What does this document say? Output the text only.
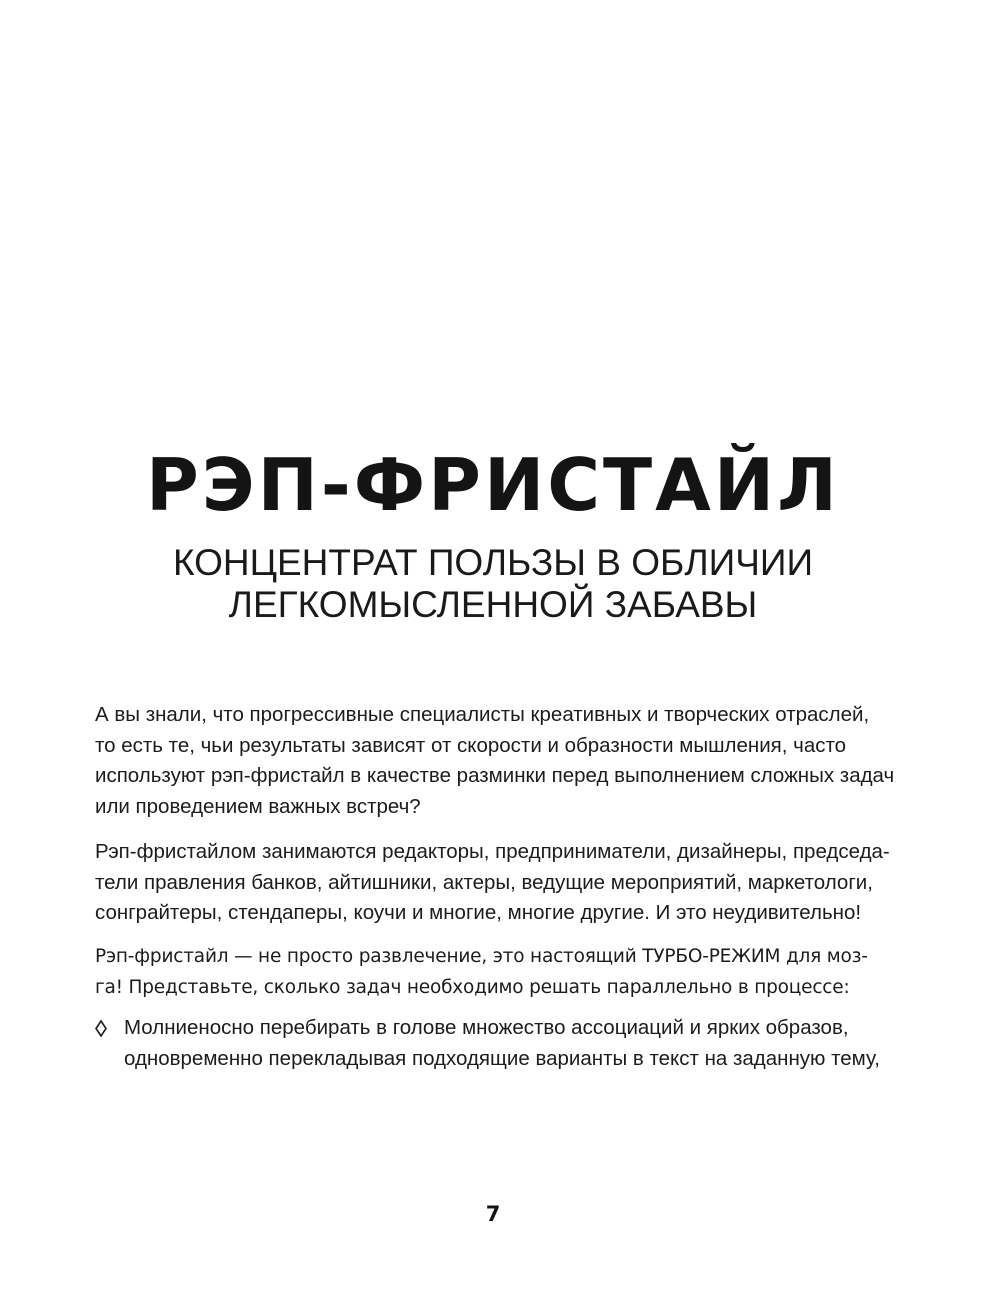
РЭП-ФРИСТАЙЛ
КОНЦЕНТРАТ ПОЛЬЗЫ В ОБЛИЧИИ
ЛЕГКОМЫСЛЕННОЙ ЗАБАВЫ

А вы знали, что прогрессивные специалисты креативных и творческих отраслей,
то есть те, чьи результаты зависят от скорости и образности мышления, часто
используют рэп-фристайл в качестве разминки перед выполнением сложных задач
или проведением важных встреч?

Рэп-фристайлом занимаются редакторы, предприниматели, дизайнеры, председа-
тели правления банков, айтишники, актеры, ведущие мероприятий, маркетологи,
сонграйтеры, стендаперы, коучи и многие, многие другие. И это неудивительно!

Рэп-фристайл — не просто развлечение, это настоящий ТУРБО-РЕЖИМ для моз-
га! Представьте, сколько задач необходимо решать параллельно в процессе:

Молниеносно перебирать в голове множество ассоциаций и ярких образов,
одновременно перекладывая подходящие варианты в текст на заданную тему,
7
